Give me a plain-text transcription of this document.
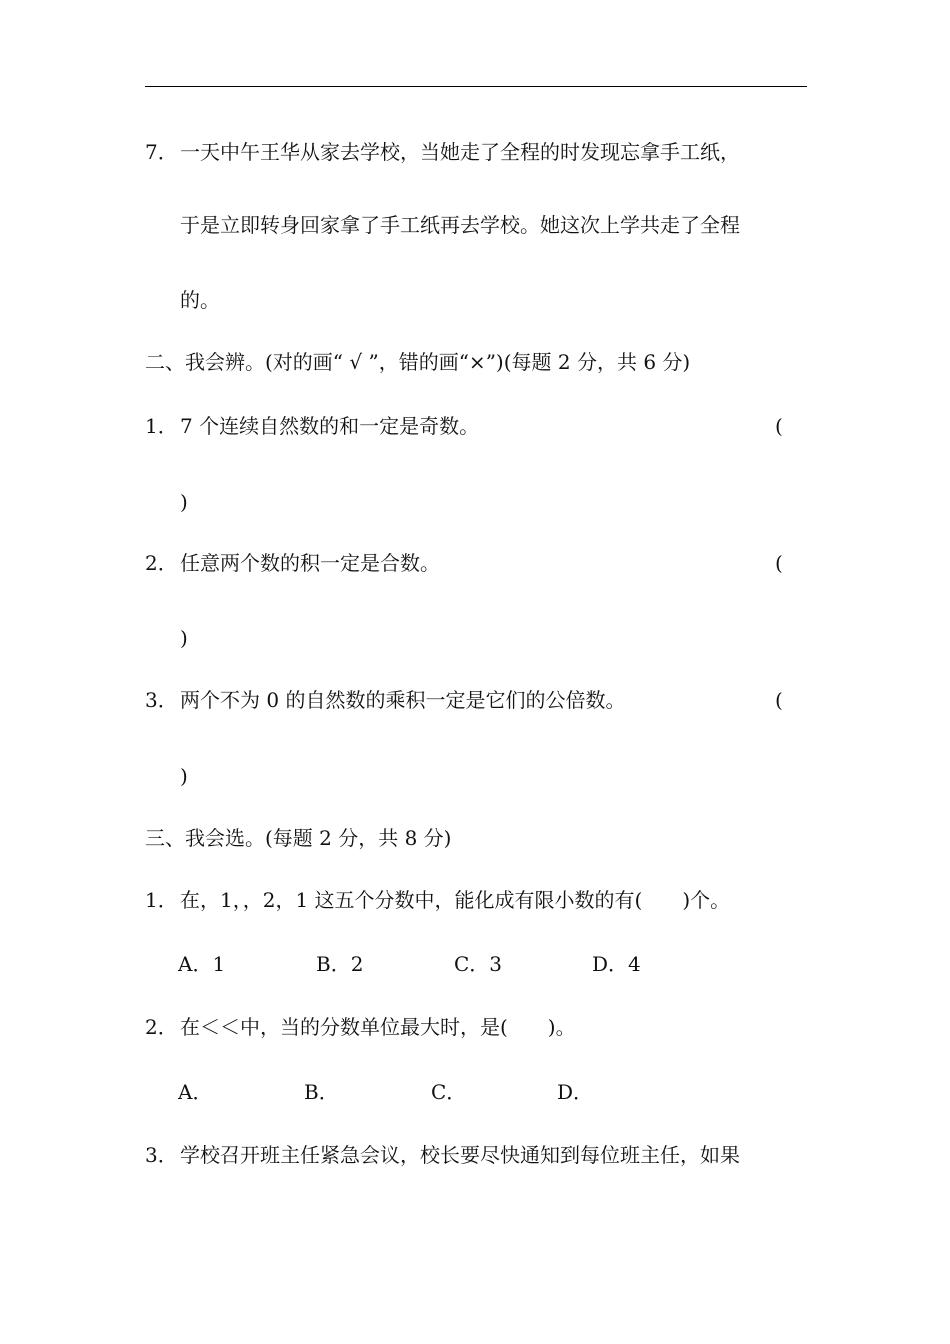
7． 一天中午王华从家去学校，当她走了全程的时发现忘拿手工纸，
于是立即转身回家拿了手工纸再去学校。她这次上学共走了全程
的。
二、我会辨。(对的画“ √ ”，错的画“×”)(每题 2 分，共 6 分)
1． 7 个连续自然数的和一定是奇数。	(
)
2． 任意两个数的积一定是合数。	(
)
3． 两个不为 0 的自然数的乘积一定是它们的公倍数。	(
)
三、我会选。(每题 2 分，共 8 分)
1． 在，1，，2，1 这五个分数中，能化成有限小数的有(　　)个。
A．1	B．2	C．3	D．4
2． 在＜＜中，当的分数单位最大时，是(　　)。
A．	B．	C．	D．
3． 学校召开班主任紧急会议，校长要尽快通知到每位班主任，如果
